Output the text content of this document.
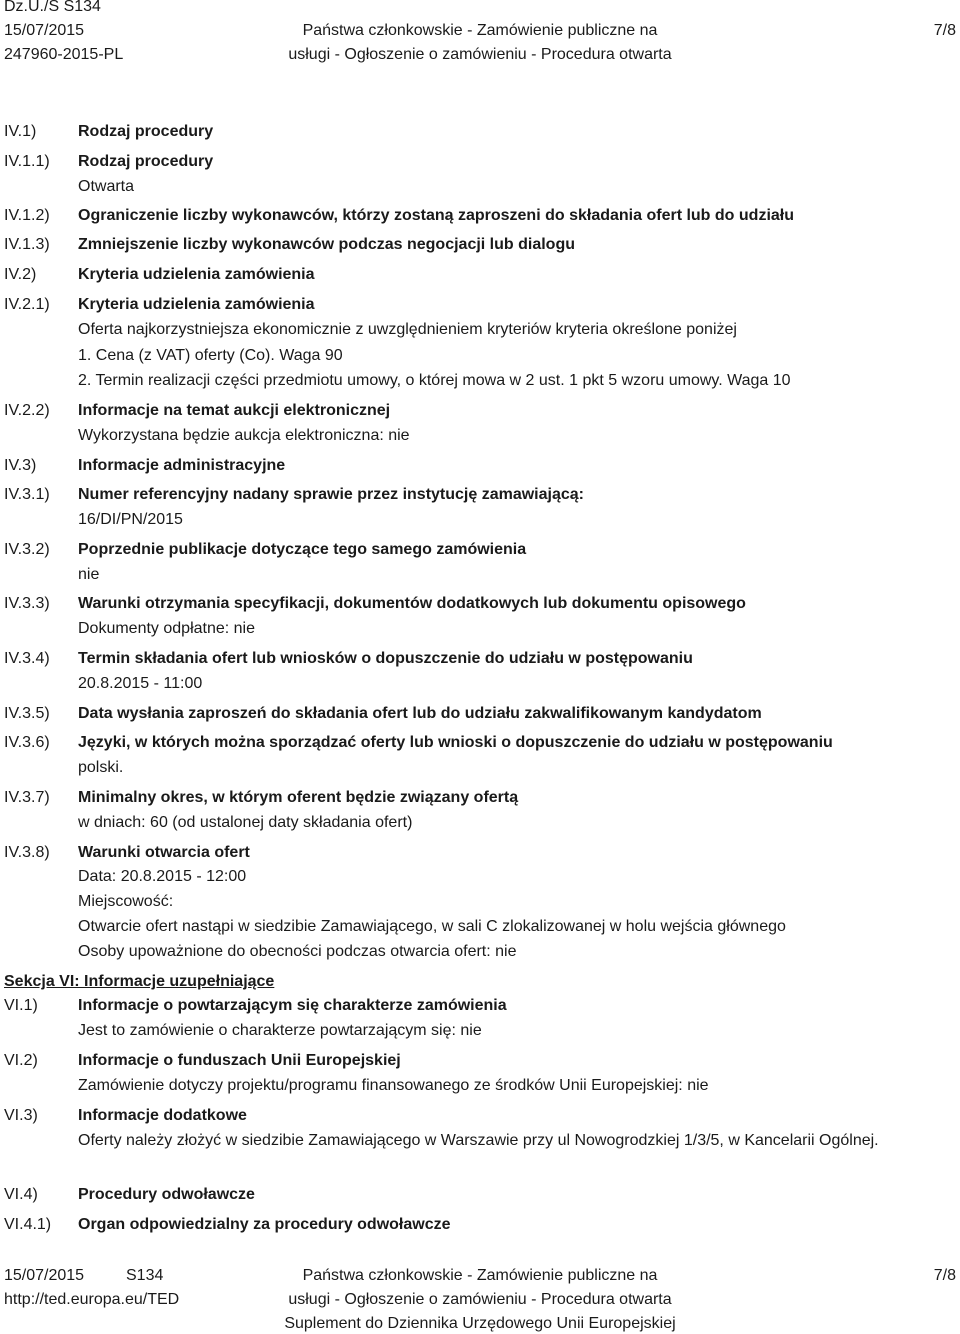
Dz.U./S S134
15/07/2015
247960-2015-PL
Państwa członkowskie - Zamówienie publiczne na
usługi - Ogłoszenie o zamówieniu - Procedura otwarta
7/8
IV.1)	Rodzaj procedury
IV.1.1) Rodzaj procedury
Otwarta
IV.1.2) Ograniczenie liczby wykonawców, którzy zostaną zaproszeni do składania ofert lub do udziału
IV.1.3) Zmniejszenie liczby wykonawców podczas negocjacji lub dialogu
IV.2)	Kryteria udzielenia zamówienia
IV.2.1) Kryteria udzielenia zamówienia
Oferta najkorzystniejsza ekonomicznie z uwzględnieniem kryteriów kryteria określone poniżej
1. Cena (z VAT) oferty (Co). Waga 90
2. Termin realizacji części przedmiotu umowy, o której mowa w 2 ust. 1 pkt 5 wzoru umowy. Waga 10
IV.2.2) Informacje na temat aukcji elektronicznej
Wykorzystana będzie aukcja elektroniczna: nie
IV.3)	Informacje administracyjne
IV.3.1) Numer referencyjny nadany sprawie przez instytucję zamawiającą:
16/DI/PN/2015
IV.3.2) Poprzednie publikacje dotyczące tego samego zamówienia
nie
IV.3.3) Warunki otrzymania specyfikacji, dokumentów dodatkowych lub dokumentu opisowego
Dokumenty odpłatne: nie
IV.3.4) Termin składania ofert lub wniosków o dopuszczenie do udziału w postępowaniu
20.8.2015 - 11:00
IV.3.5) Data wysłania zaproszeń do składania ofert lub do udziału zakwalifikowanym kandydatom
IV.3.6) Języki, w których można sporządzać oferty lub wnioski o dopuszczenie do udziału w postępowaniu
polski.
IV.3.7) Minimalny okres, w którym oferent będzie związany ofertą
w dniach: 60 (od ustalonej daty składania ofert)
IV.3.8) Warunki otwarcia ofert
Data: 20.8.2015 - 12:00
Miejscowość:
Otwarcie ofert nastąpi w siedzibie Zamawiającego, w sali C zlokalizowanej w holu wejścia głównego
Osoby upoważnione do obecności podczas otwarcia ofert: nie
Sekcja VI: Informacje uzupełniające
VI.1)	Informacje o powtarzającym się charakterze zamówienia
Jest to zamówienie o charakterze powtarzającym się: nie
VI.2)	Informacje o funduszach Unii Europejskiej
Zamówienie dotyczy projektu/programu finansowanego ze środków Unii Europejskiej: nie
VI.3)	Informacje dodatkowe
Oferty należy złożyć w siedzibie Zamawiającego w Warszawie przy ul Nowogrodzkiej 1/3/5, w Kancelarii Ogólnej.
VI.4)	Procedury odwoławcze
VI.4.1) Organ odpowiedzialny za procedury odwoławcze
15/07/2015	S134
http://ted.europa.eu/TED
Państwa członkowskie - Zamówienie publiczne na
usługi - Ogłoszenie o zamówieniu - Procedura otwarta
Suplement do Dziennika Urzędowego Unii Europejskiej
7/8
